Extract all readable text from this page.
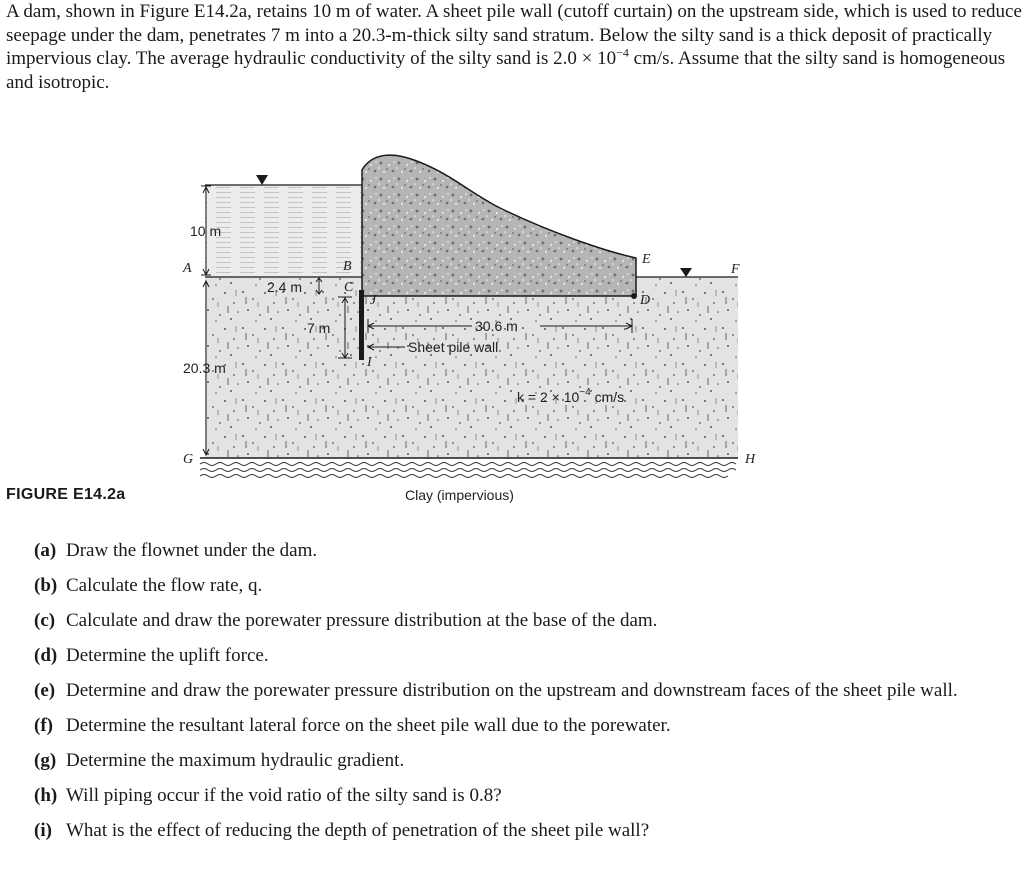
A dam, shown in Figure E14.2a, retains 10 m of water. A sheet pile wall (cutoff curtain) on the upstream side, which is used to reduce seepage under the dam, penetrates 7 m into a 20.3-m-thick silty sand stratum. Below the silty sand is a thick deposit of practically impervious clay. The average hydraulic conductivity of the silty sand is $2.0 \times 10^{-4}$ cm/s. Assume that the silty sand is homogeneous and isotropic.

10 m
20.3 m
2.4 m
7 m	30.6 m
Sheet pile wall
$k = 2 \times 10^{-4}$ cm/s
Clay (impervious)
A	B
C
J
I
D
E
F
G	H
FIGURE E14.2a
(a) Draw the flownet under the dam.
(b) Calculate the flow rate, q.
(c) Calculate and draw the porewater pressure distribution at the base of the dam.
(d) Determine the uplift force.
(e) Determine and draw the porewater pressure distribution on the upstream and downstream faces of the sheet pile wall.
(f) Determine the resultant lateral force on the sheet pile wall due to the porewater.
(g) Determine the maximum hydraulic gradient.
(h) Will piping occur if the void ratio of the silty sand is 0.8?
(i) What is the effect of reducing the depth of penetration of the sheet pile wall?
